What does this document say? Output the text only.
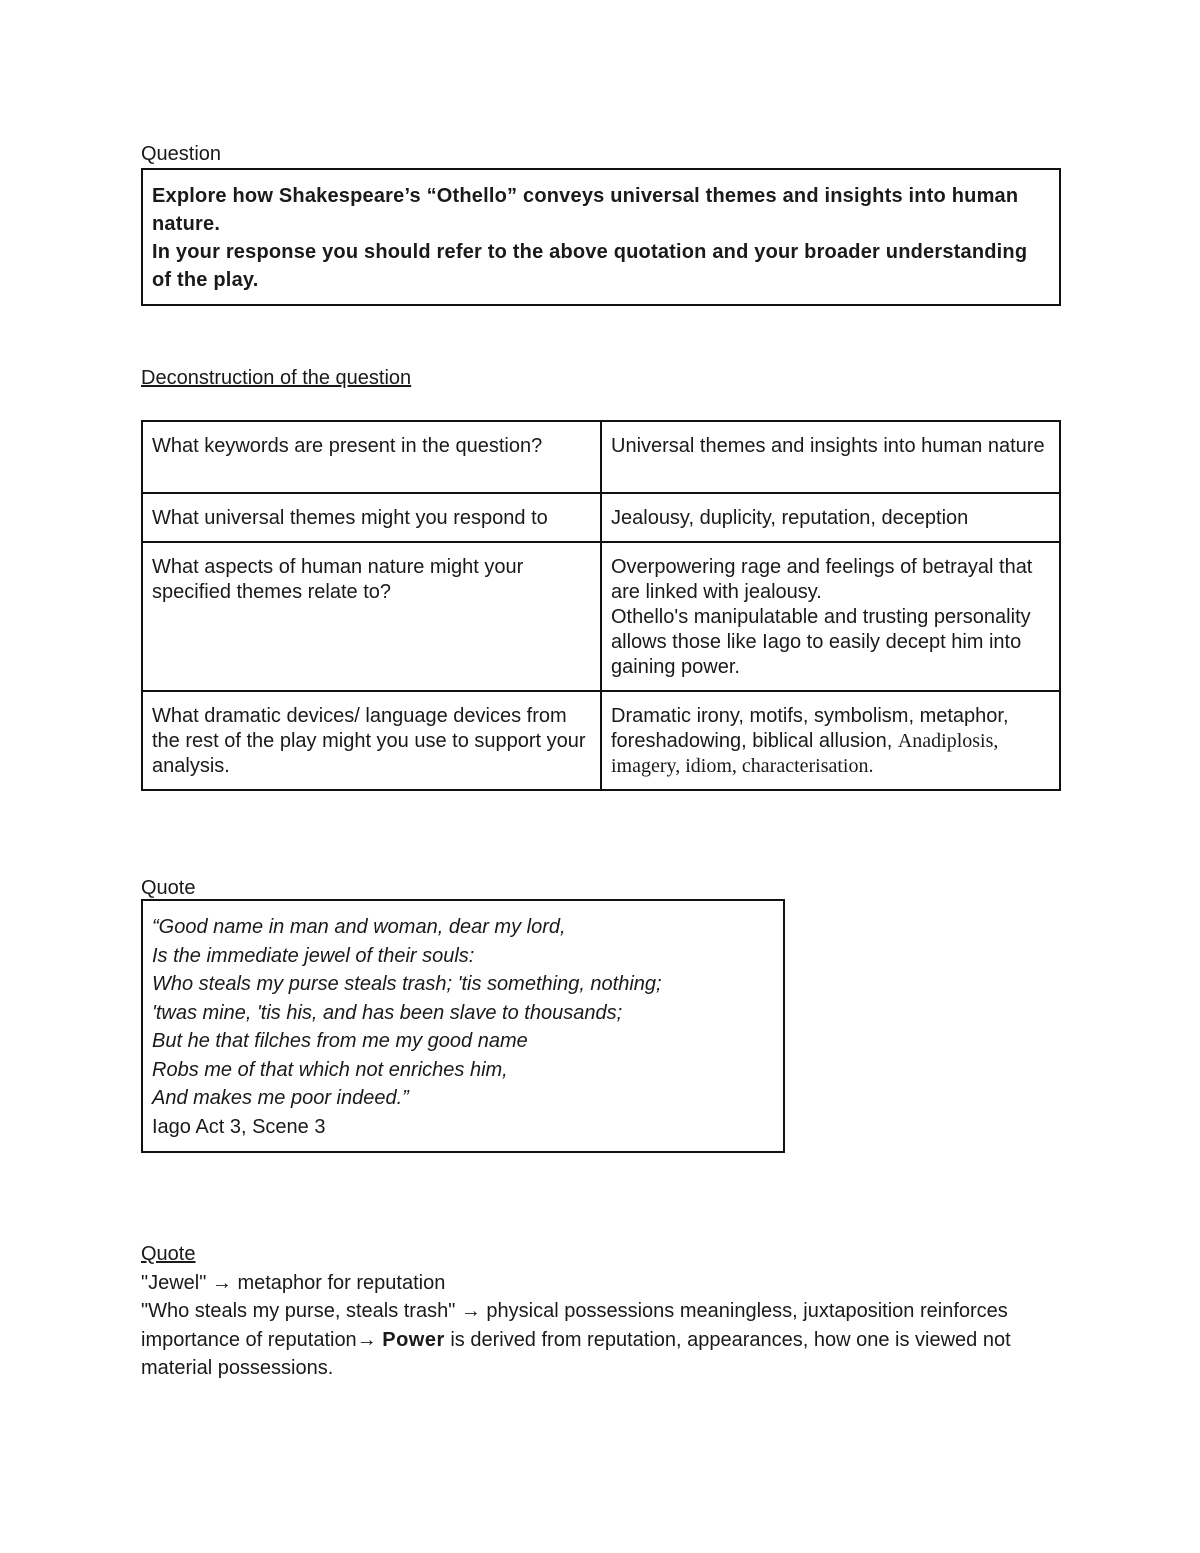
Question
Explore how Shakespeare’s “Othello” conveys universal themes and insights into human nature.
In your response you should refer to the above quotation and your broader understanding of the play.
Deconstruction of the question
What keywords are present in the question?	Universal themes and insights into human nature
What universal themes might you respond to	Jealousy, duplicity, reputation, deception
What aspects of human nature might your specified themes relate to?	Overpowering rage and feelings of betrayal that are linked with jealousy.
Othello's manipulatable and trusting personality allows those like Iago to easily decept him into gaining power.

What dramatic devices/ language devices from the rest of the play might you use to support your analysis.	Dramatic irony, motifs, symbolism, metaphor, foreshadowing, biblical allusion, Anadiplosis, imagery, idiom, characterisation.
Quote
“Good name in man and woman, dear my lord,
Is the immediate jewel of their souls:
Who steals my purse steals trash; 'tis something, nothing;
'twas mine, 'tis his, and has been slave to thousands;
But he that filches from me my good name
Robs me of that which not enriches him,
And makes me poor indeed.”
Iago Act 3, Scene 3

Quote

"Jewel" → metaphor for reputation

"Who steals my purse, steals trash" → physical possessions meaningless, juxtaposition reinforces importance of reputation→ Power is derived from reputation, appearances, how one is viewed not material possessions.
